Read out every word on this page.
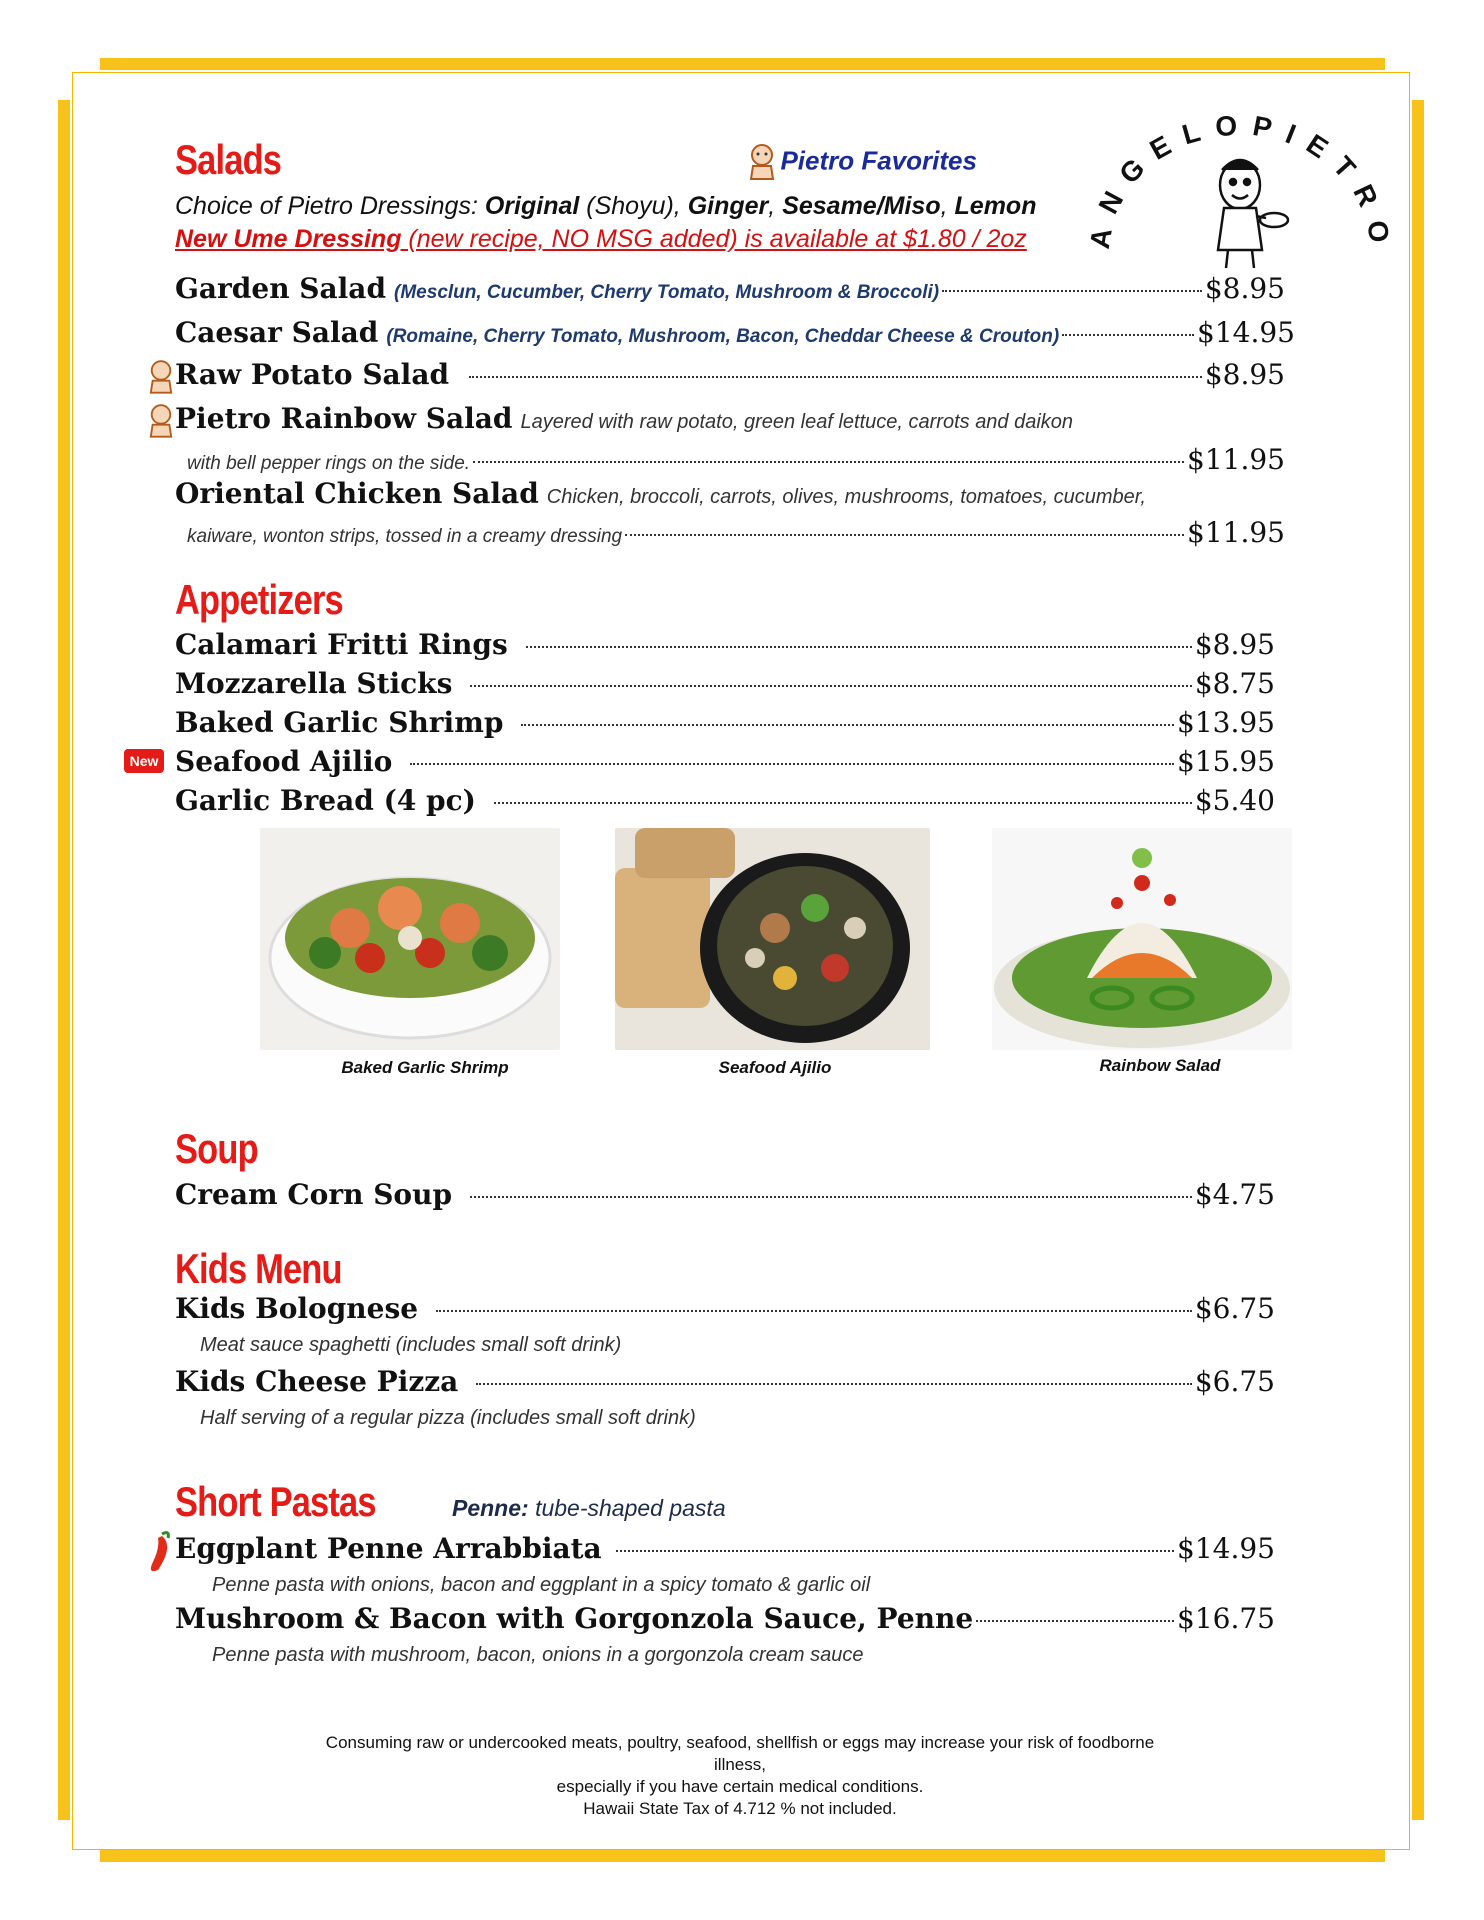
ANGELOPIETRO
Salads	Pietro Favorites
Choice of Pietro Dressings: Original (Shoyu), Ginger, Sesame/Miso, Lemon
New Ume Dressing (new recipe, NO MSG added) is available at $1.80 / 2oz
Garden Salad (Mesclun, Cucumber, Cherry Tomato, Mushroom & Broccoli)	$8.95
Caesar Salad (Romaine, Cherry Tomato, Mushroom, Bacon, Cheddar Cheese & Crouton)	$14.95
Raw Potato Salad	$8.95
Pietro Rainbow Salad Layered with raw potato, green leaf lettuce, carrots and daikon
with bell pepper rings on the side.	$11.95
Oriental Chicken Salad Chicken, broccoli, carrots, olives, mushrooms, tomatoes, cucumber,
kaiware, wonton strips, tossed in a creamy dressing	$11.95
Appetizers
Calamari Fritti Rings	$8.95
Mozzarella Sticks	$8.75
Baked Garlic Shrimp	$13.95
New Seafood Ajilio	$15.95
Garlic Bread (4 pc)	$5.40
Baked Garlic Shrimp	Seafood Ajilio	Rainbow Salad
Soup
Cream Corn Soup	$4.75
Kids Menu
Kids Bolognese	$6.75
Meat sauce spaghetti (includes small soft drink)
Kids Cheese Pizza	$6.75
Half serving of a regular pizza (includes small soft drink)
Short Pastas	Penne: tube-shaped pasta
Eggplant Penne Arrabbiata	$14.95
Penne pasta with onions, bacon and eggplant in a spicy tomato & garlic oil
Mushroom & Bacon with Gorgonzola Sauce, Penne	$16.75
Penne pasta with mushroom, bacon, onions in a gorgonzola cream sauce
Consuming raw or undercooked meats, poultry, seafood, shellfish or eggs may increase your risk of foodborne illness,
especially if you have certain medical conditions.
Hawaii State Tax of 4.712 % not included.
